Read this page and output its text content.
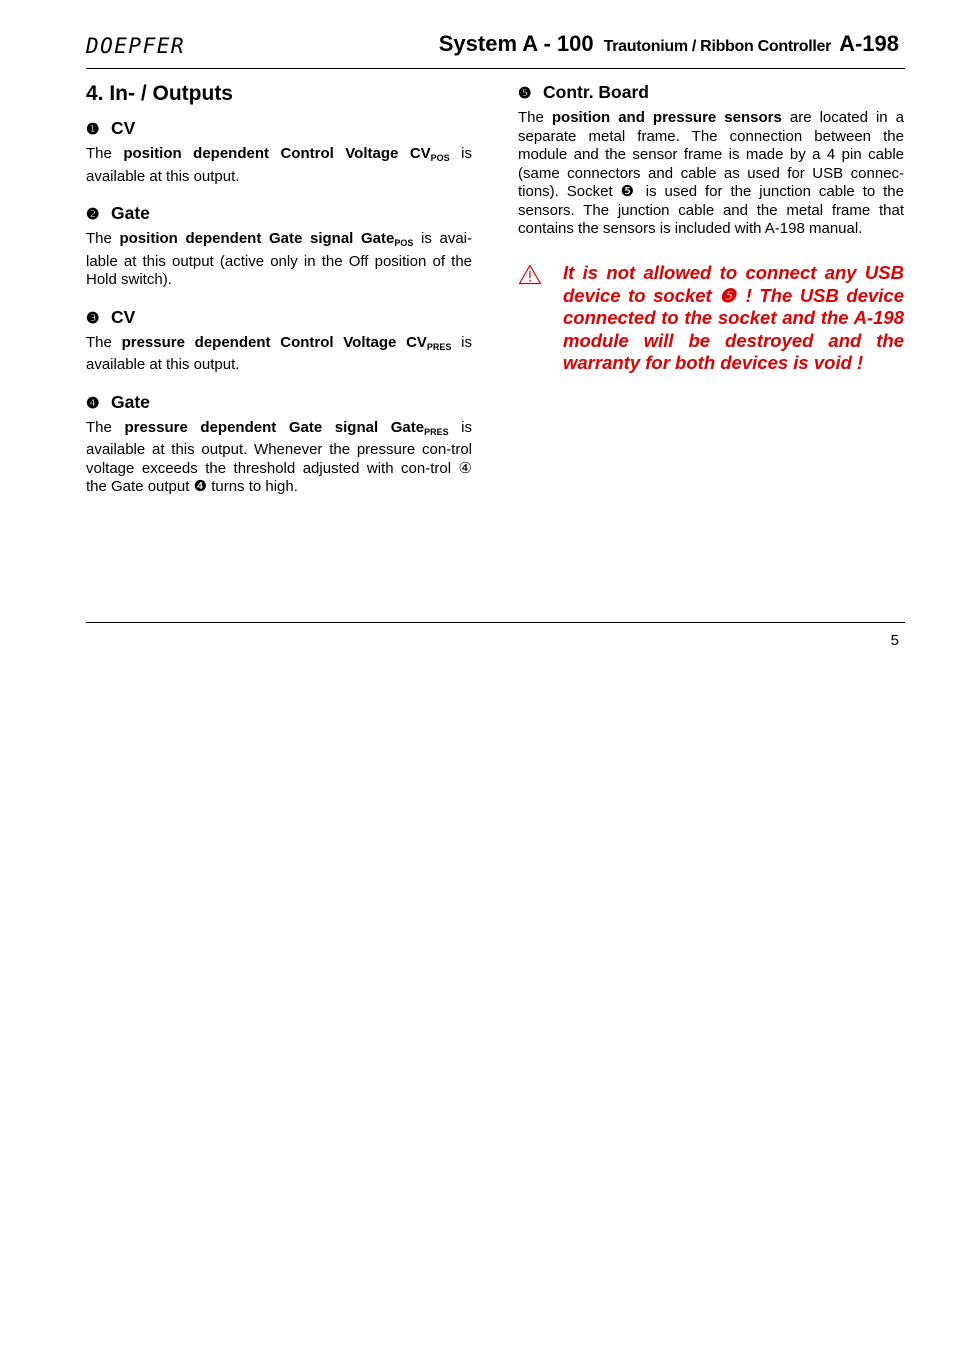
DOEPFER	System A - 100 Trautonium / Ribbon Controller A-198
4. In- / Outputs
❶ CV

The position dependent Control Voltage $CV_{POS}$ is available at this output.

❷ Gate

The position dependent Gate signal Gate$_{POS}$ is avai-lable at this output (active only in the Off position of the Hold switch).

❸ CV

The pressure dependent Control Voltage $CV_{PRES}$ is available at this output.

❹ Gate

The pressure dependent Gate signal Gate$_{PRES}$ is available at this output. Whenever the pressure con-trol voltage exceeds the threshold adjusted with con-trol ④ the Gate output ❹ turns to high.

❺ Contr. Board

The position and pressure sensors are located in a separate metal frame. The connection between the module and the sensor frame is made by a 4 pin cable (same connectors and cable as used for USB connec-tions). Socket ❺ is used for the junction cable to the sensors. The junction cable and the metal frame that contains the sensors is included with A-198 manual.

It is not allowed to connect any USB device to socket ❺ ! The USB device connected to the socket and the A-198 module will be destroyed and the warranty for both devices is void !
5
